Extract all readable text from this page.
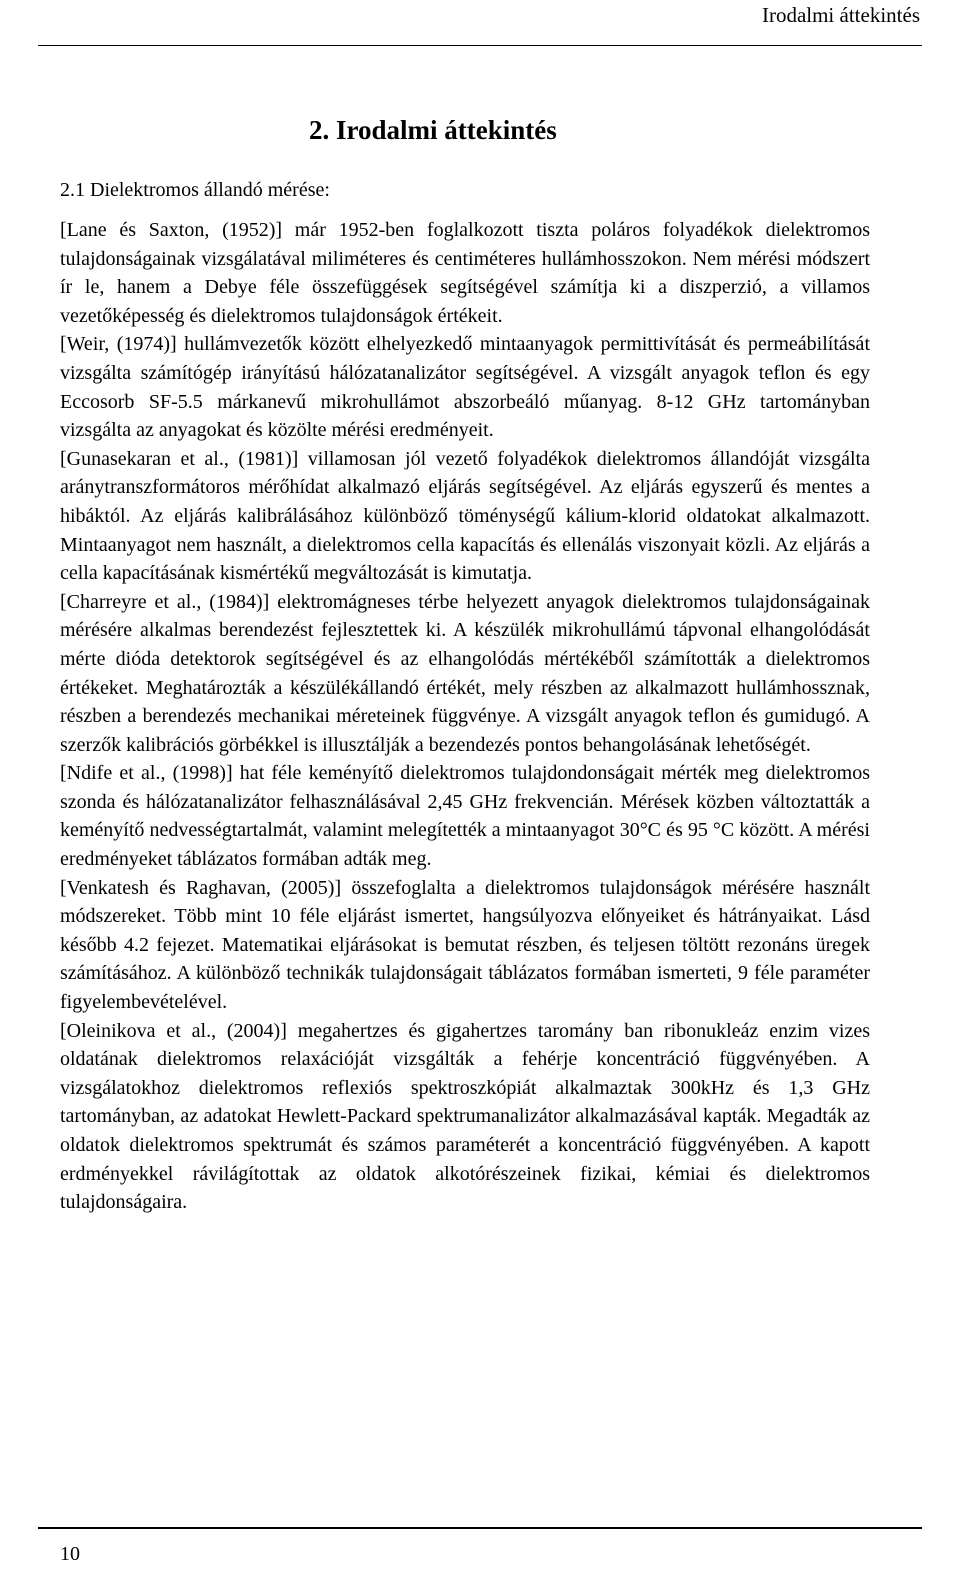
Irodalmi áttekintés
2. Irodalmi áttekintés
2.1 Dielektromos állandó mérése:

[Lane és Saxton, (1952)] már 1952-ben foglalkozott tiszta poláros folyadékok dielektromos tulajdonságainak vizsgálatával miliméteres és centiméteres hullámhosszokon. Nem mérési módszert ír le, hanem a Debye féle összefüggések segítségével számítja ki a diszperzió, a villamos vezetőképesség és dielektromos tulajdonságok értékeit.

[Weir, (1974)] hullámvezetők között elhelyezkedő mintaanyagok permittivítását és permeábilítását vizsgálta számítógép irányítású hálózatanalizátor segítségével. A vizsgált anyagok teflon és egy Eccosorb SF-5.5 márkanevű mikrohullámot abszorbeáló műanyag. 8-12 GHz tartományban vizsgálta az anyagokat és közölte mérési eredményeit.

[Gunasekaran et al., (1981)] villamosan jól vezető folyadékok dielektromos állandóját vizsgálta aránytranszformátoros mérőhídat alkalmazó eljárás segítségével. Az eljárás egyszerű és mentes a hibáktól. Az eljárás kalibrálásához különböző töménységű kálium-klorid oldatokat alkalmazott. Mintaanyagot nem használt, a dielektromos cella kapacítás és ellenálás viszonyait közli. Az eljárás a cella kapacításának kismértékű megváltozását is kimutatja.

[Charreyre et al., (1984)] elektromágneses térbe helyezett anyagok dielektromos tulajdonságainak mérésére alkalmas berendezést fejlesztettek ki. A készülék mikrohullámú tápvonal elhangolódását mérte dióda detektorok segítségével és az elhangolódás mértékéből számították a dielektromos értékeket. Meghatározták a készülékállandó értékét, mely részben az alkalmazott hullámhossznak, részben a berendezés mechanikai méreteinek függvénye. A vizsgált anyagok teflon és gumidugó. A szerzők kalibrációs görbékkel is illusztálják a bezendezés pontos behangolásának lehetőségét.

[Ndife et al., (1998)] hat féle keményítő dielektromos tulajdondonságait mérték meg dielektromos szonda és hálózatanalizátor felhasználásával 2,45 GHz frekvencián. Mérések közben változtatták a keményítő nedvességtartalmát, valamint melegítették a mintaanyagot 30°C és 95 °C között. A mérési eredményeket táblázatos formában adták meg.

[Venkatesh és Raghavan, (2005)] összefoglalta a dielektromos tulajdonságok mérésére használt módszereket. Több mint 10 féle eljárást ismertet, hangsúlyozva előnyeiket és hátrányaikat. Lásd később 4.2 fejezet. Matematikai eljárásokat is bemutat részben, és teljesen töltött rezonáns üregek számításához. A különböző technikák tulajdonságait táblázatos formában ismerteti, 9 féle paraméter figyelembevételével.

[Oleinikova et al., (2004)] megahertzes és gigahertzes taromány ban ribonukleáz enzim vizes oldatának dielektromos relaxációját vizsgálták a fehérje koncentráció függvényében. A vizsgálatokhoz dielektromos reflexiós spektroszkópiát alkalmaztak 300kHz és 1,3 GHz tartományban, az adatokat Hewlett-Packard spektrumanalizátor alkalmazásával kapták. Megadták az oldatok dielektromos spektrumát és számos paraméterét a koncentráció függvényében. A kapott erdményekkel rávilágítottak az oldatok alkotórészeinek fizikai, kémiai és dielektromos tulajdonságaira.

10
